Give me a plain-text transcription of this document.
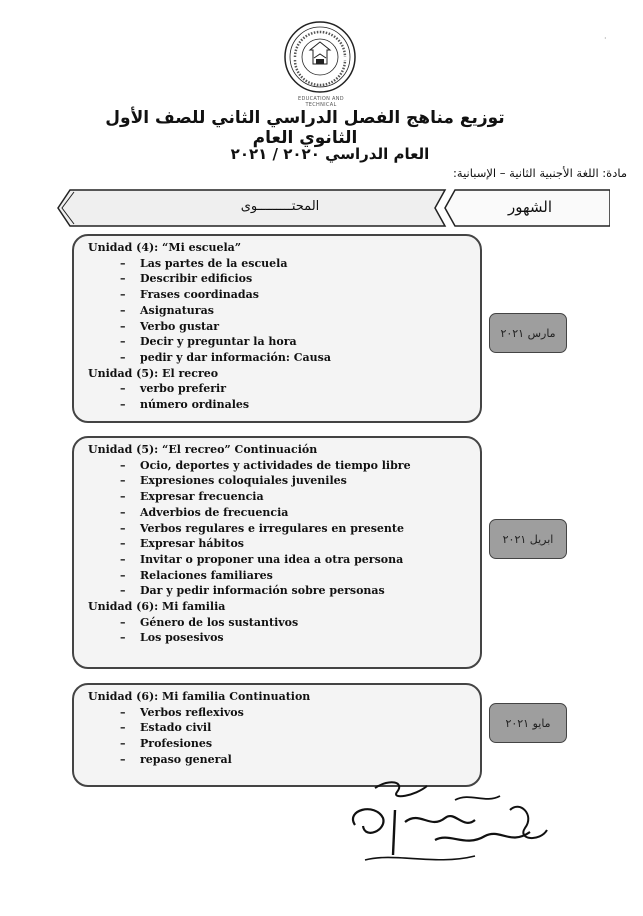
EDUCATION AND TECHNICAL
·
توزيع مناهج الفصل الدراسي الثاني للصف الأول الثانوي العام
العام الدراسي ٢٠٢٠ / ٢٠٢١
مادة: اللغة الأجنبية الثانية – الإسبانية:
المحتـــــــــوى	الشهور
Unidad (4): “Mi escuela”
– Las partes de la escuela
– Describir edificios
– Frases coordinadas
– Asignaturas
– Verbo gustar
– Decir y preguntar la hora
– pedir y dar información: Causa
Unidad (5): El recreo
– verbo preferir
– número ordinales
مارس ٢٠٢١
Unidad (5): “El recreo” Continuación
– Ocio, deportes y actividades de tiempo libre
– Expresiones coloquiales juveniles
– Expresar frecuencia
– Adverbios de frecuencia
– Verbos regulares e irregulares en presente
– Expresar hábitos
– Invitar o proponer una idea a otra persona
– Relaciones familiares
– Dar y pedir información sobre personas
Unidad (6): Mi familia
– Género de los sustantivos
– Los posesivos
ابريل ٢٠٢١
Unidad (6): Mi familia Continuation
– Verbos reflexivos
– Estado civil
– Profesiones
– repaso general
مايو ٢٠٢١
